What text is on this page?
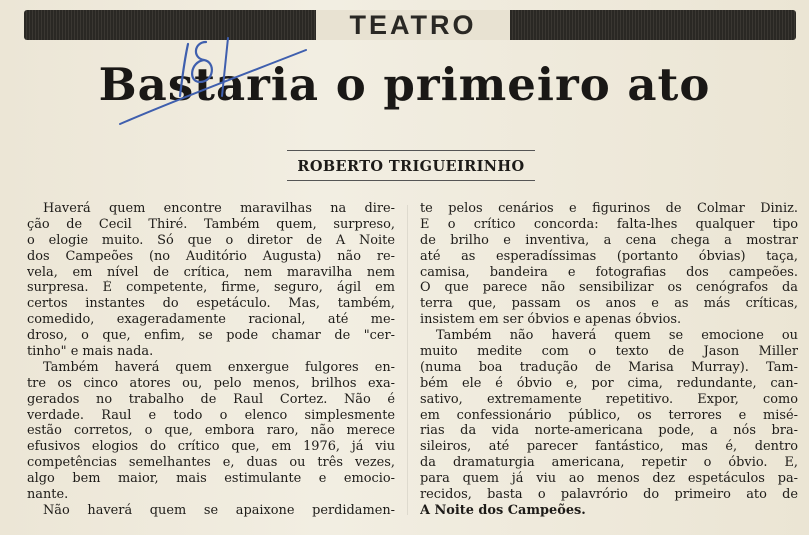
TEATRO
Bastaria o primeiro ato
ROBERTO TRIGUEIRINHO
Haverá quem encontre maravilhas na dire-
ção de Cecil Thiré. Também quem, surpreso,
o elogie muito. Só que o diretor de A Noite
dos Campeões (no Auditório Augusta) não re-
vela, em nível de crítica, nem maravilha nem
surpresa. É competente, firme, seguro, ágil em
certos instantes do espetáculo. Mas, também,
comedido, exageradamente racional, até me-
droso, o que, enfim, se pode chamar de "cer-
tinho" e mais nada.
Também haverá quem enxergue fulgores en-
tre os cinco atores ou, pelo menos, brilhos exa-
gerados no trabalho de Raul Cortez. Não é
verdade. Raul e todo o elenco simplesmente
estão corretos, o que, embora raro, não merece
efusivos elogios do crítico que, em 1976, já viu
competências semelhantes e, duas ou três vezes,
algo bem maior, mais estimulante e emocio-
nante.
Não haverá quem se apaixone perdidamen-
te pelos cenários e figurinos de Colmar Diniz.
E o crítico concorda: falta-lhes qualquer tipo
de brilho e inventiva, a cena chega a mostrar
até as esperadíssimas (portanto óbvias) taça,
camisa, bandeira e fotografias dos campeões.
O que parece não sensibilizar os cenógrafos da
terra que, passam os anos e as más críticas,
insistem em ser óbvios e apenas óbvios.
Também não haverá quem se emocione ou
muito medite com o texto de Jason Miller
(numa boa tradução de Marisa Murray). Tam-
bém ele é óbvio e, por cima, redundante, can-
sativo, extremamente repetitivo. Expor, como
em confessionário público, os terrores e misé-
rias da vida norte-americana pode, a nós bra-
sileiros, até parecer fantástico, mas é, dentro
da dramaturgia americana, repetir o óbvio. E,
para quem já viu ao menos dez espetáculos pa-
recidos, basta o palavrório do primeiro ato de
A Noite dos Campeões.
